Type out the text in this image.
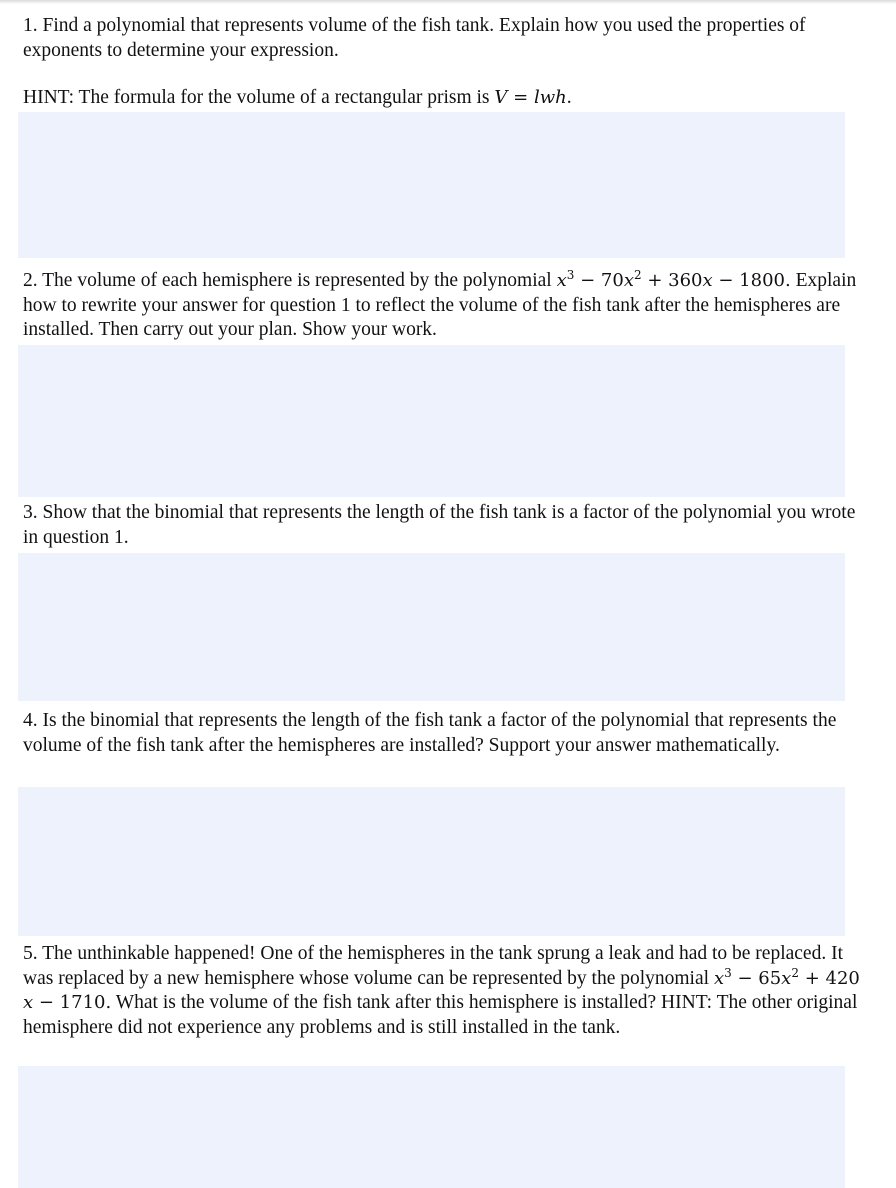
1. Find a polynomial that represents volume of the fish tank. Explain how you used the properties of exponents to determine your expression.

HINT: The formula for the volume of a rectangular prism is V = lwh.

2. The volume of each hemisphere is represented by the polynomial $x^3 - 70x^2 + 360x - 1800$. Explain how to rewrite your answer for question 1 to reflect the volume of the fish tank after the hemispheres are installed. Then carry out your plan. Show your work.

3. Show that the binomial that represents the length of the fish tank is a factor of the polynomial you wrote in question 1.

4. Is the binomial that represents the length of the fish tank a factor of the polynomial that represents the volume of the fish tank after the hemispheres are installed? Support your answer mathematically.

5. The unthinkable happened! One of the hemispheres in the tank sprung a leak and had to be replaced. It was replaced by a new hemisphere whose volume can be represented by the polynomial $x^3 - 65x^2 + 420$ x − 1710. What is the volume of the fish tank after this hemisphere is installed? HINT: The other original hemisphere did not experience any problems and is still installed in the tank.
